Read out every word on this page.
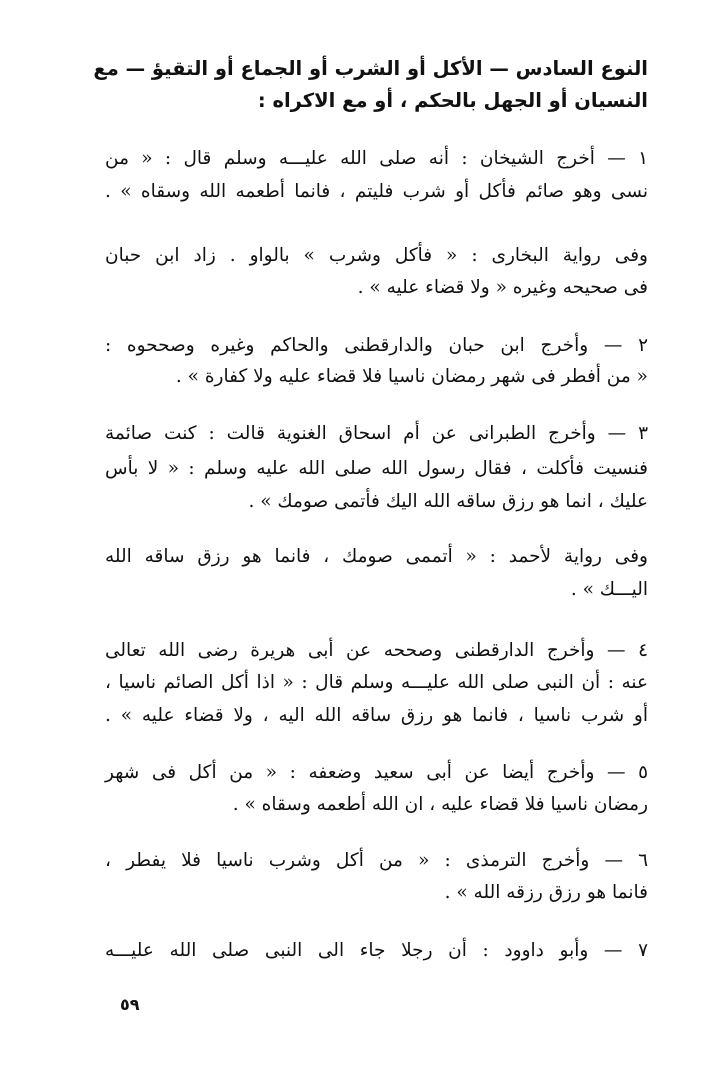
النوع السادس — الأكل أو الشرب أو الجماع أو التقيؤ — مع
النسيان أو الجهل بالحكم ، أو مع الاكراه :
١ — أخرج الشيخان : أنه صلى الله عليـــه وسلم قال : « من
نسى وهو صائم فأكل أو شرب فليتم ، فانما أطعمه الله وسقاه » .
وفى رواية البخارى : « فأكل وشرب » بالواو . زاد ابن حبان
فى صحيحه وغيره « ولا قضاء عليه » .
٢ — وأخرج ابن حبان والدارقطنى والحاكم وغيره وصححوه :
« من أفطر فى شهر رمضان ناسيا فلا قضاء عليه ولا كفارة » .
٣ — وأخرج الطبرانى عن أم اسحاق الغنوية قالت : كنت صائمة
فنسيت فأكلت ، فقال رسول الله صلى الله عليه وسلم : « لا بأس
عليك ، انما هو رزق ساقه الله اليك فأتمى صومك » .
وفى رواية لأحمد : « أتممى صومك ، فانما هو رزق ساقه الله
اليـــك » .
٤ — وأخرج الدارقطنى وصححه عن أبى هريرة رضى الله تعالى
عنه : أن النبى صلى الله عليـــه وسلم قال : « اذا أكل الصائم ناسيا ،
أو شرب ناسيا ، فانما هو رزق ساقه الله اليه ، ولا قضاء عليه » .
٥ — وأخرج أيضا عن أبى سعيد وضعفه : « من أكل فى شهر
رمضان ناسيا فلا قضاء عليه ، ان الله أطعمه وسقاه » .
٦ — وأخرج الترمذى : « من أكل وشرب ناسيا فلا يفطر ،
فانما هو رزق رزقه الله » .
٧ — وأبو داوود : أن رجلا جاء الى النبى صلى الله عليـــه
٥٩
